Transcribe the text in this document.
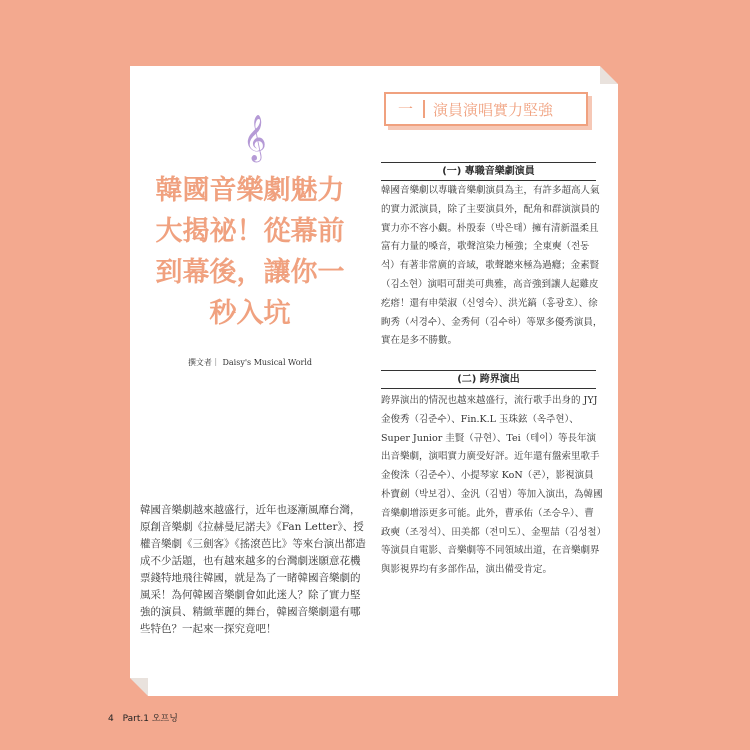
𝄞
韓國音樂劇魅力
大揭祕！從幕前
到幕後，讓你一
秒入坑
撰文者｜ Daisy's Musical World

韓國音樂劇越來越盛行，近年也逐漸風靡台灣，原創音樂劇《拉赫曼尼諾夫》《Fan Letter》、授權音樂劇《三劍客》《搖滾芭比》等來台演出都造成不少話題，也有越來越多的台灣劇迷願意花機票錢特地飛往韓國，就是為了一睹韓國音樂劇的風采！為何韓國音樂劇會如此迷人？除了實力堅強的演員、精緻華麗的舞台，韓國音樂劇還有哪些特色？一起來一探究竟吧！

一	演員演唱實力堅強
(一) 專職音樂劇演員

韓國音樂劇以專職音樂劇演員為主，有許多超高人氣的實力派演員，除了主要演員外，配角和群演演員的實力亦不容小覷。朴殷泰（박은태）擁有清新溫柔且富有力量的嗓音，歌聲渲染力極強；全東奭（전동석）有著非常廣的音域，歌聲聽來極為過癮；金素賢（김소현）演唱可甜美可典雅，高音強到讓人起雞皮疙瘩！還有申榮淑（신영숙）、洪光鎬（홍광호）、徐眴秀（서경수）、金秀何（김수하）等眾多優秀演員，實在是多不勝數。

(二) 跨界演出

跨界演出的情況也越來越盛行，流行歌手出身的 JYJ 金俊秀（김준수）、Fin.K.L 玉珠鉉（옥주현）、Super Junior 圭賢（규현）、Tei（테이）等長年演出音樂劇，演唱實力廣受好評。近年還有盤索里歌手金俊洙（김준수）、小提琴家 KoN（콘），影視演員朴寶劍（박보검）、金汎（김범）等加入演出，為韓國音樂劇增添更多可能。此外，曹承佑（조승우）、曹政奭（조정석）、田美都（전미도）、金聖喆（김성철）等演員自電影、音樂劇等不同領域出道，在音樂劇界與影視界均有多部作品，演出備受肯定。

4 Part.1 오프닝
